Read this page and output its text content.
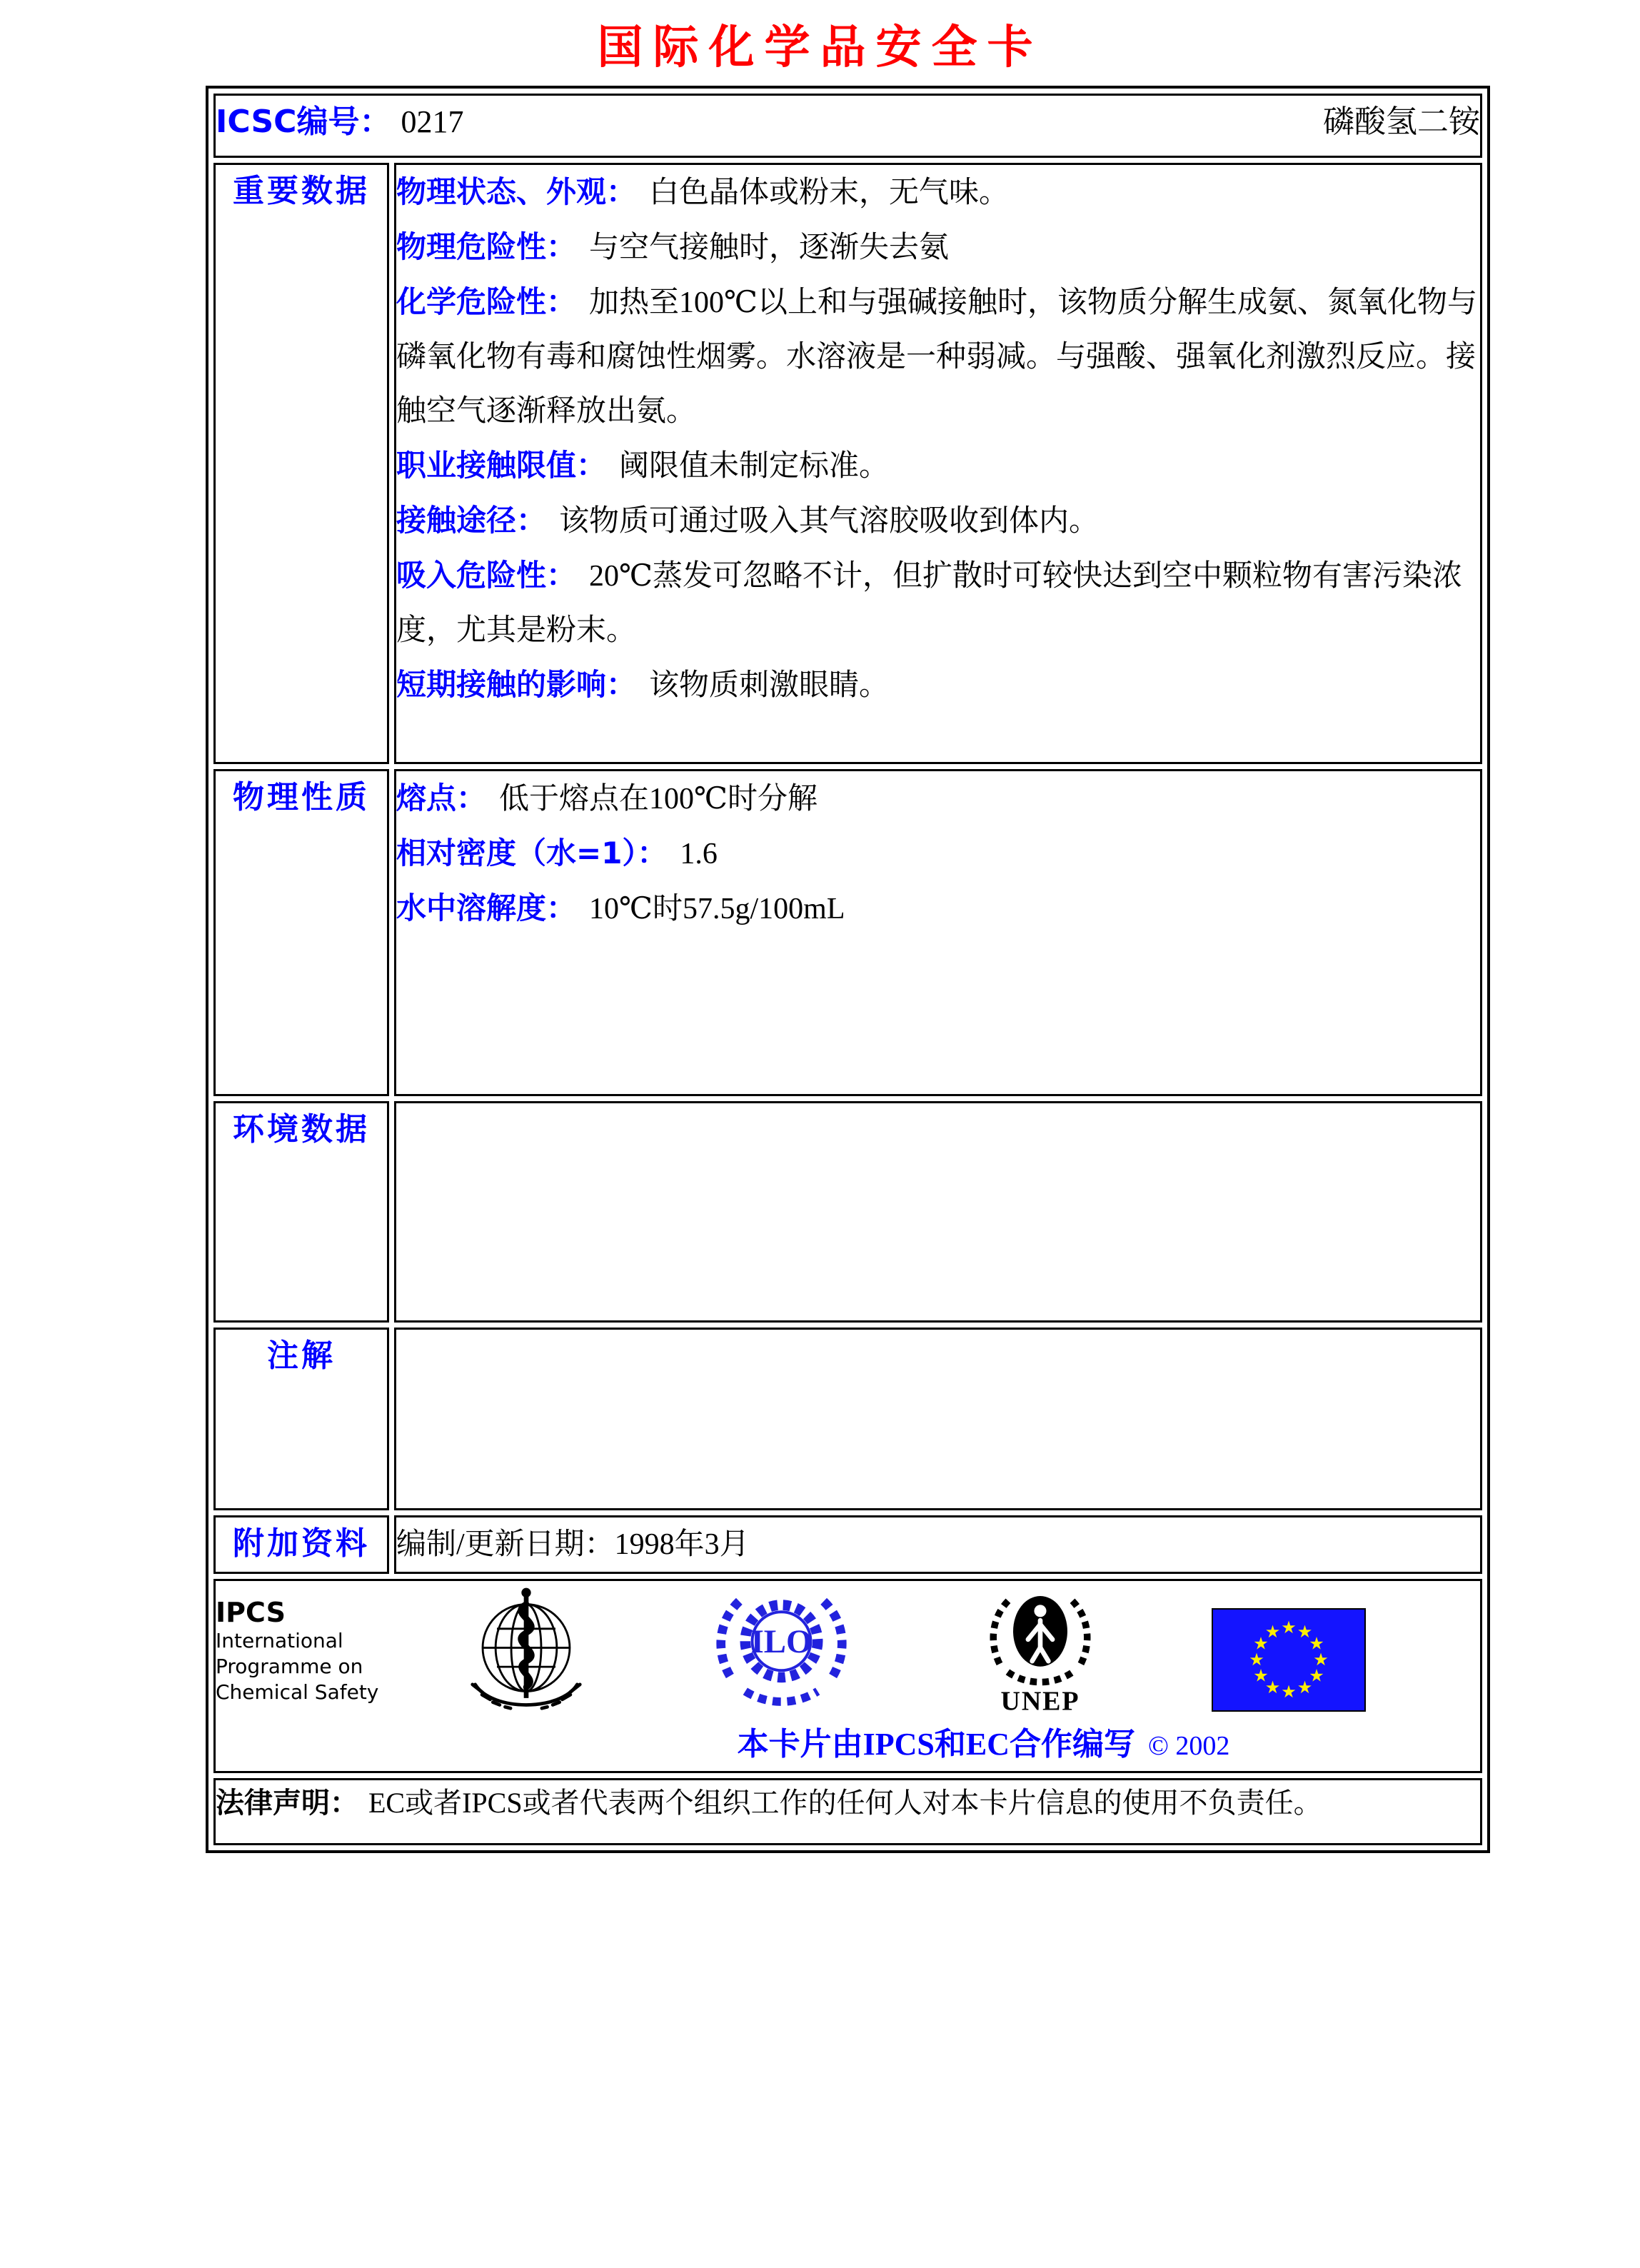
国际化学品安全卡
ICSC编号： 0217 磷酸氢二铵	

重要数据	物理状态、外观： 白色晶体或粉末，无气味。

物理危险性： 与空气接触时，逐渐失去氨

化学危险性： 加热至100℃以上和与强碱接触时，该物质分解生成氨、氮氧化物与磷氧化物有毒和腐蚀性烟雾。水溶液是一种弱减。与强酸、强氧化剂激烈反应。接触空气逐渐释放出氨。

职业接触限值： 阈限值未制定标准。

接触途径： 该物质可通过吸入其气溶胶吸收到体内。

吸入危险性： 20℃蒸发可忽略不计，但扩散时可较快达到空中颗粒物有害污染浓度，尤其是粉末。

短期接触的影响： 该物质刺激眼睛。

物理性质	熔点： 低于熔点在100℃时分解

相对密度（水=1）： 1.6

水中溶解度： 10℃时57.5g/100mL

环境数据	
注解	
附加资料	编制/更新日期：1998年3月

IPCS
International
Programme on
Chemical Safety
ILO
UNEP
★ ★
★
★
★
★
★
★
★
★
★
★
本卡片由IPCS和EC合作编写 © 2002

法律声明： EC或者IPCS或者代表两个组织工作的任何人对本卡片信息的使用不负责任。	
